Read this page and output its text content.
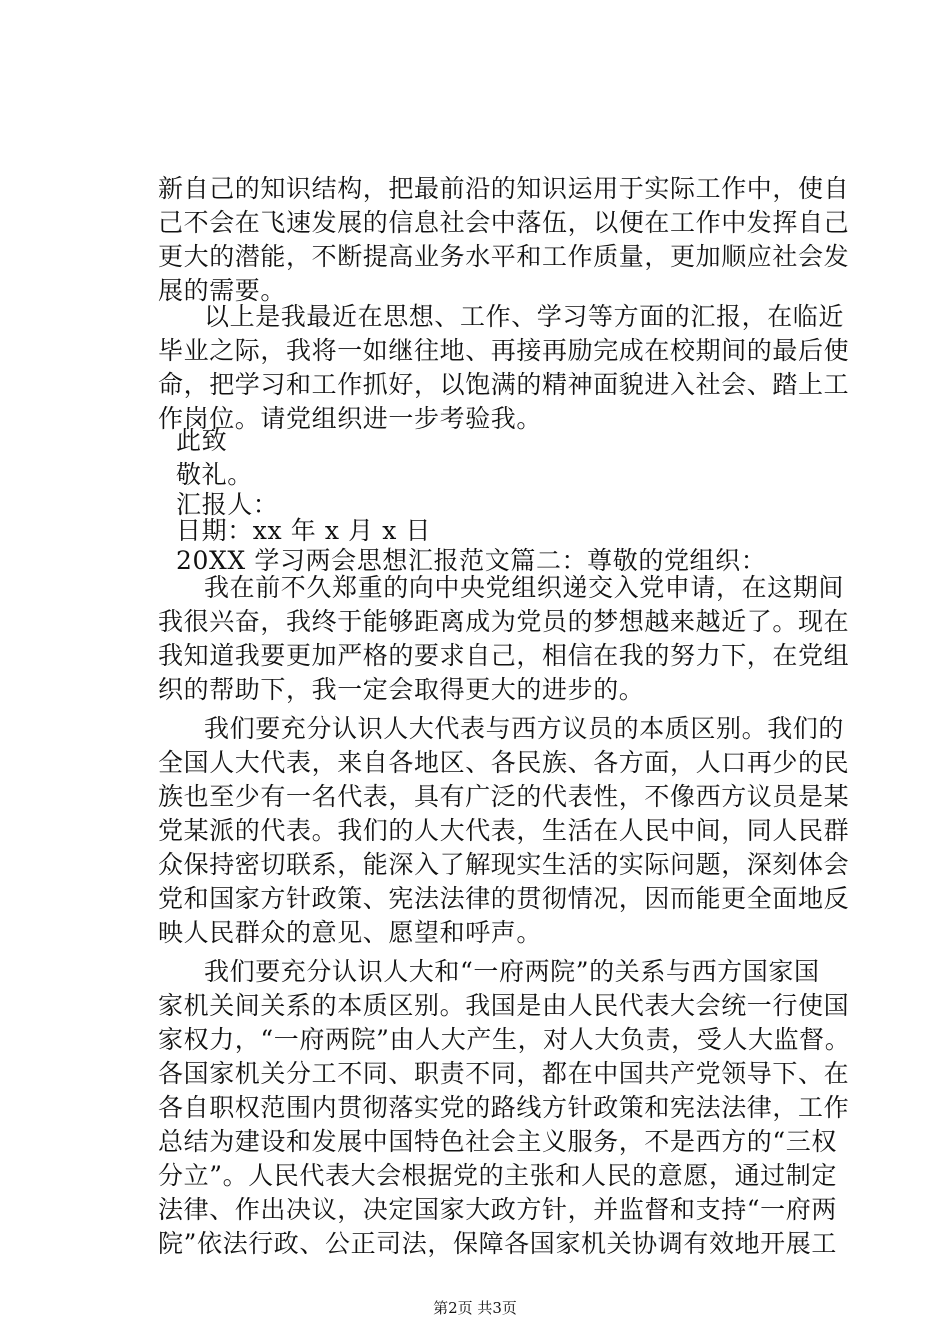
新自己的知识结构，把最前沿的知识运用于实际工作中，使自
己不会在飞速发展的信息社会中落伍，以便在工作中发挥自己
更大的潜能，不断提高业务水平和工作质量，更加顺应社会发
展的需要。
以上是我最近在思想、工作、学习等方面的汇报，在临近
毕业之际，我将一如继往地、再接再励完成在校期间的最后使
命，把学习和工作抓好，以饱满的精神面貌进入社会、踏上工
作岗位。请党组织进一步考验我。
此致
敬礼。
汇报人：
日期：xx 年 x 月 x 日
20XX 学习两会思想汇报范文篇二：尊敬的党组织：
我在前不久郑重的向中央党组织递交入党申请，在这期间
我很兴奋，我终于能够距离成为党员的梦想越来越近了。现在
我知道我要更加严格的要求自己，相信在我的努力下，在党组
织的帮助下，我一定会取得更大的进步的。
我们要充分认识人大代表与西方议员的本质区别。我们的
全国人大代表，来自各地区、各民族、各方面，人口再少的民
族也至少有一名代表，具有广泛的代表性，不像西方议员是某
党某派的代表。我们的人大代表，生活在人民中间，同人民群
众保持密切联系，能深入了解现实生活的实际问题，深刻体会
党和国家方针政策、宪法法律的贯彻情况，因而能更全面地反
映人民群众的意见、愿望和呼声。
我们要充分认识人大和“一府两院”的关系与西方国家国
家机关间关系的本质区别。我国是由人民代表大会统一行使国
家权力，“一府两院”由人大产生，对人大负责，受人大监督。
各国家机关分工不同、职责不同，都在中国共产党领导下、在
各自职权范围内贯彻落实党的路线方针政策和宪法法律，工作
总结为建设和发展中国特色社会主义服务，不是西方的“三权
分立”。人民代表大会根据党的主张和人民的意愿，通过制定
法律、作出决议，决定国家大政方针，并监督和支持“一府两
院”依法行政、公正司法，保障各国家机关协调有效地开展工
第2页 共3页
